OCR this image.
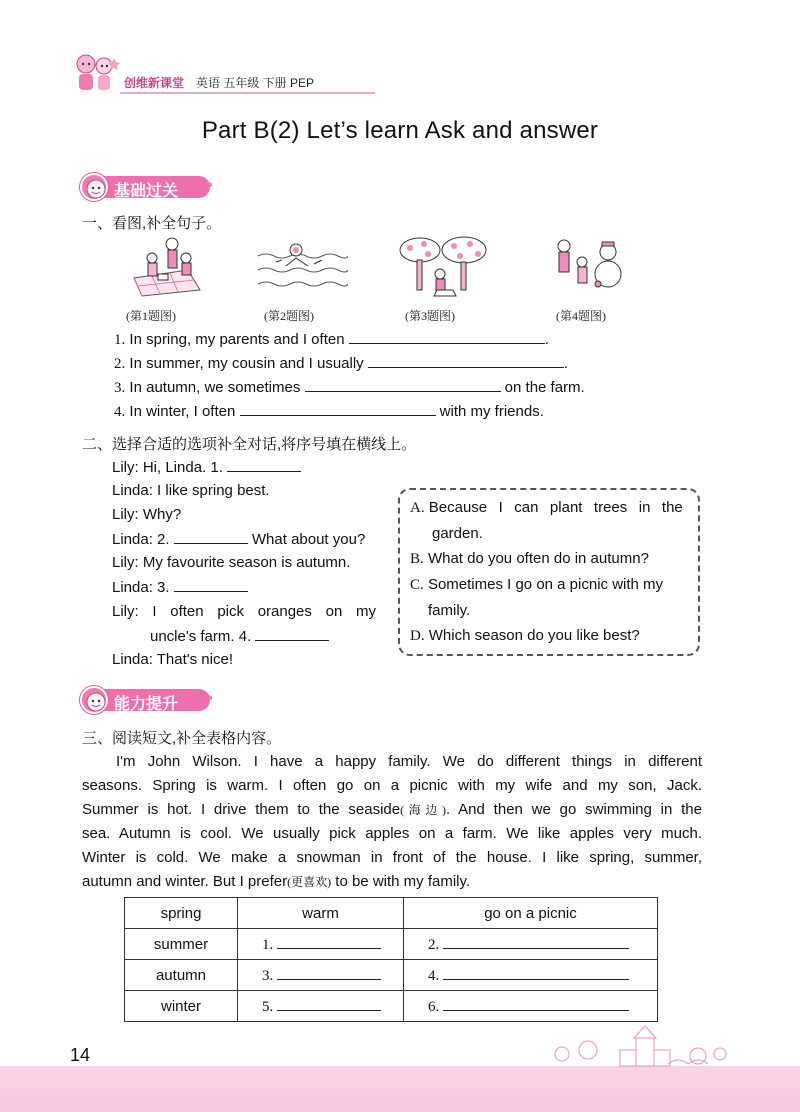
创维新课堂 英语 五年级 下册 PEP
Part B(2) Let’s learn Ask and answer
基础过关 >>
一、看图,补全句子。
(第1题图)	(第2题图)	(第3题图)	(第4题图)
1. In spring, my parents and I often	.
2. In summer, my cousin and I usually	.
3. In autumn, we sometimes	on the farm.
4. In winter, I often	with my friends.
二、选择合适的选项补全对话,将序号填在横线上。
Lily: Hi, Linda. 1.
Linda: I like spring best.
Lily: Why?
Linda: 2.	What about you?
Lily: My favourite season is autumn.
Linda: 3.
Lily: I often pick oranges on my
uncle's farm. 4.
Linda: That's nice!
A. Because I can plant trees in the
garden.
B. What do you often do in autumn?
C. Sometimes I go on a picnic with my
family.
D. Which season do you like best?
能力提升 >>
三、阅读短文,补全表格内容。
I'm John Wilson. I have a happy family. We do different things in different
seasons. Spring is warm. I often go on a picnic with my wife and my son, Jack.
Summer is hot. I drive them to the seaside(海边). And then we go swimming in the
sea. Autumn is cool. We usually pick apples on a farm. We like apples very much.
Winter is cold. We make a snowman in front of the house. I like spring, summer,
autumn and winter. But I prefer(更喜欢) to be with my family.
spring	warm	go on a picnic
summer	1.	2.
autumn	3.	4.
winter	5.	6.
14
